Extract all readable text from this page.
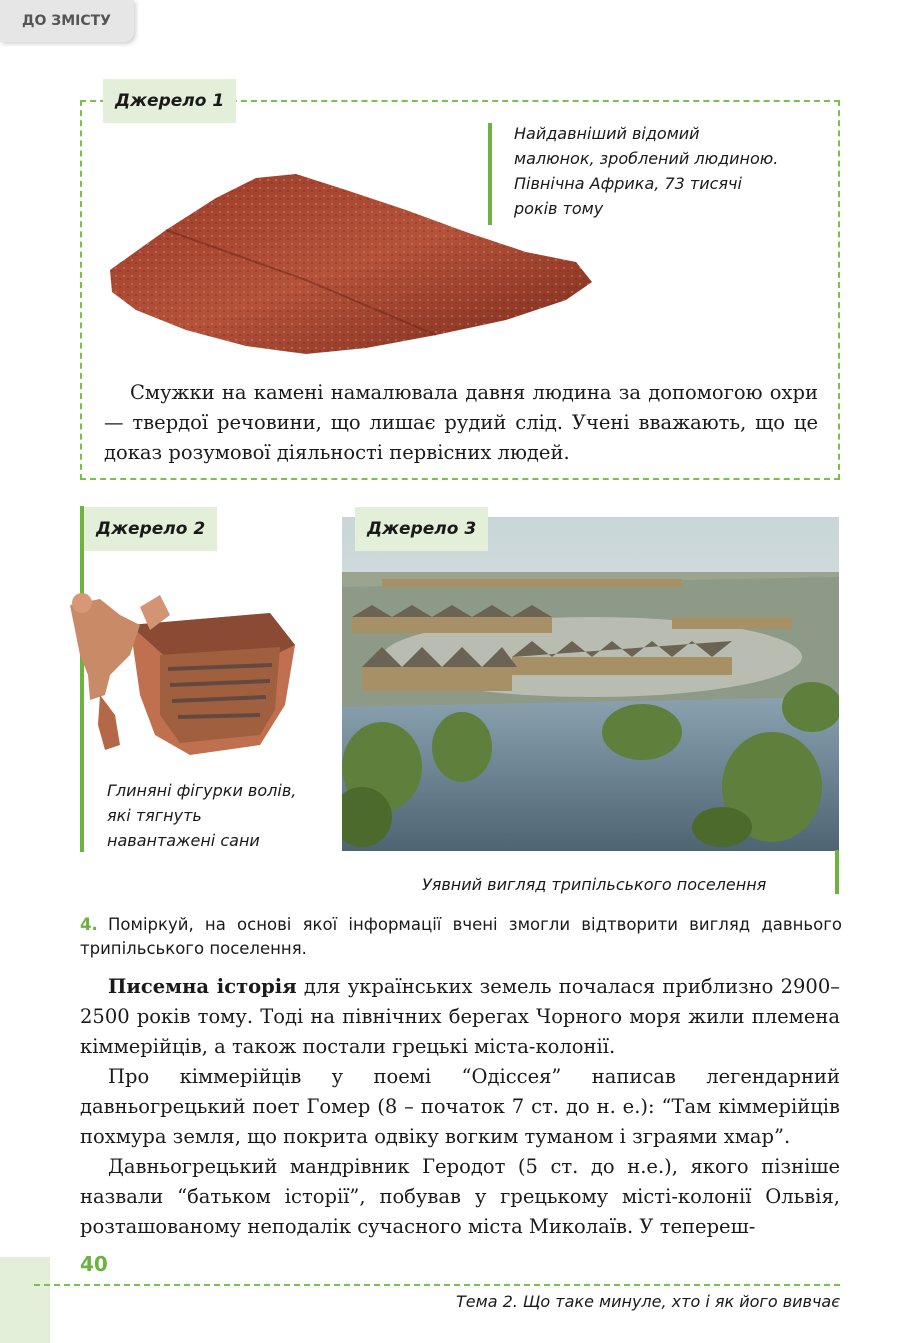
ДО ЗМІСТУ
Джерело 1
Найдавніший відомий
малюнок, зроблений людиною.
Північна Африка, 73 тисячі
років тому
Смужки на камені намалювала давня людина за допомогою охри — твердої речовини, що лишає рудий слід. Учені вважають, що це доказ розумової діяльності первісних людей.
Джерело 2
Глиняні фігурки волів,
які тягнуть
навантажені сани
Джерело 3
Уявний вигляд трипільського поселення
4. Поміркуй, на основі якої інформації вчені змогли відтворити вигляд давнього трипільського поселення.

Писемна історія для українських земель почалася приблизно 2900–2500 років тому. Тоді на північних берегах Чорного моря жили племена кіммерійців, а також постали грецькі міста-колонії.

Про кіммерійців у поемі “Одіссея” написав легендарний давньогрецький поет Гомер (8 – початок 7 ст. до н. е.): “Там кіммерійців похмура земля, що покрита одвіку вогким туманом і зграями хмар”.

Давньогрецький мандрівник Геродот (5 ст. до н.е.), якого пізніше назвали “батьком історії”, побував у грецькому місті-колонії Ольвія, розташованому неподалік сучасного міста Миколаїв. У тепереш-

40
Тема 2. Що таке минуле, хто і як його вивчає
